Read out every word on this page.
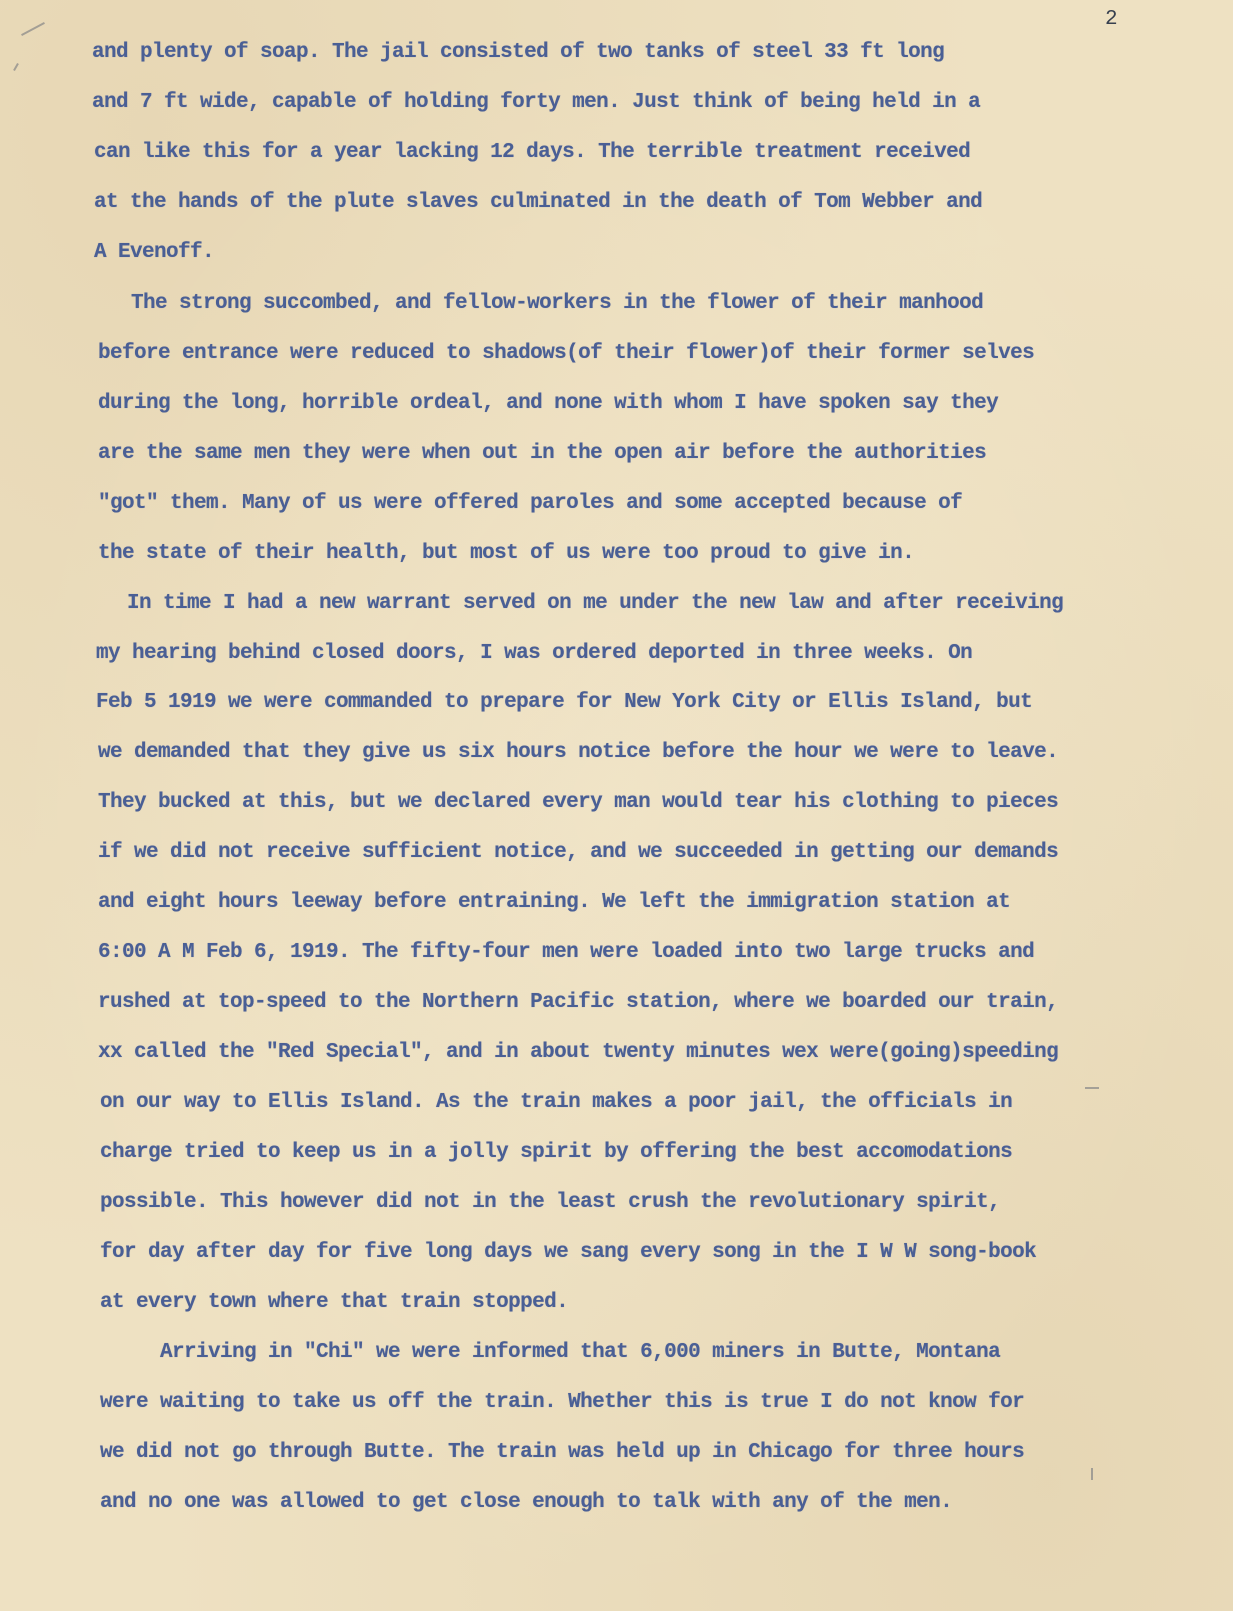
2

and plenty of soap. The jail consisted of two tanks of steel 33 ft long

and 7 ft wide, capable of holding forty men. Just think of being held in a

can like this for a year lacking 12 days. The terrible treatment received

at the hands of the plute slaves culminated in the death of Tom Webber and

A Evenoff.

The strong succombed, and fellow-workers in the flower of their manhood

before entrance were reduced to shadows(of their flower)of their former selves

during the long, horrible ordeal, and none with whom I have spoken say they

are the same men they were when out in the open air before the authorities

"got" them. Many of us were offered paroles and some accepted because of

the state of their health, but most of us were too proud to give in.

In time I had a new warrant served on me under the new law and after receiving

my hearing behind closed doors, I was ordered deported in three weeks. On

Feb 5 1919 we were commanded to prepare for New York City or Ellis Island, but

we demanded that they give us six hours notice before the hour we were to leave.

They bucked at this, but we declared every man would tear his clothing to pieces

if we did not receive sufficient notice, and we succeeded in getting our demands

and eight hours leeway before entraining. We left the immigration station at

6:00 A M Feb 6, 1919. The fifty-four men were loaded into two large trucks and

rushed at top-speed to the Northern Pacific station, where we boarded our train,

xx called the "Red Special", and in about twenty minutes wex were(going)speeding

on our way to Ellis Island. As the train makes a poor jail, the officials in

charge tried to keep us in a jolly spirit by offering the best accomodations

possible. This however did not in the least crush the revolutionary spirit,

for day after day for five long days we sang every song in the I W W song-book

at every town where that train stopped.

Arriving in "Chi" we were informed that 6,000 miners in Butte, Montana

were waiting to take us off the train. Whether this is true I do not know for

we did not go through Butte. The train was held up in Chicago for three hours

and no one was allowed to get close enough to talk with any of the men.
